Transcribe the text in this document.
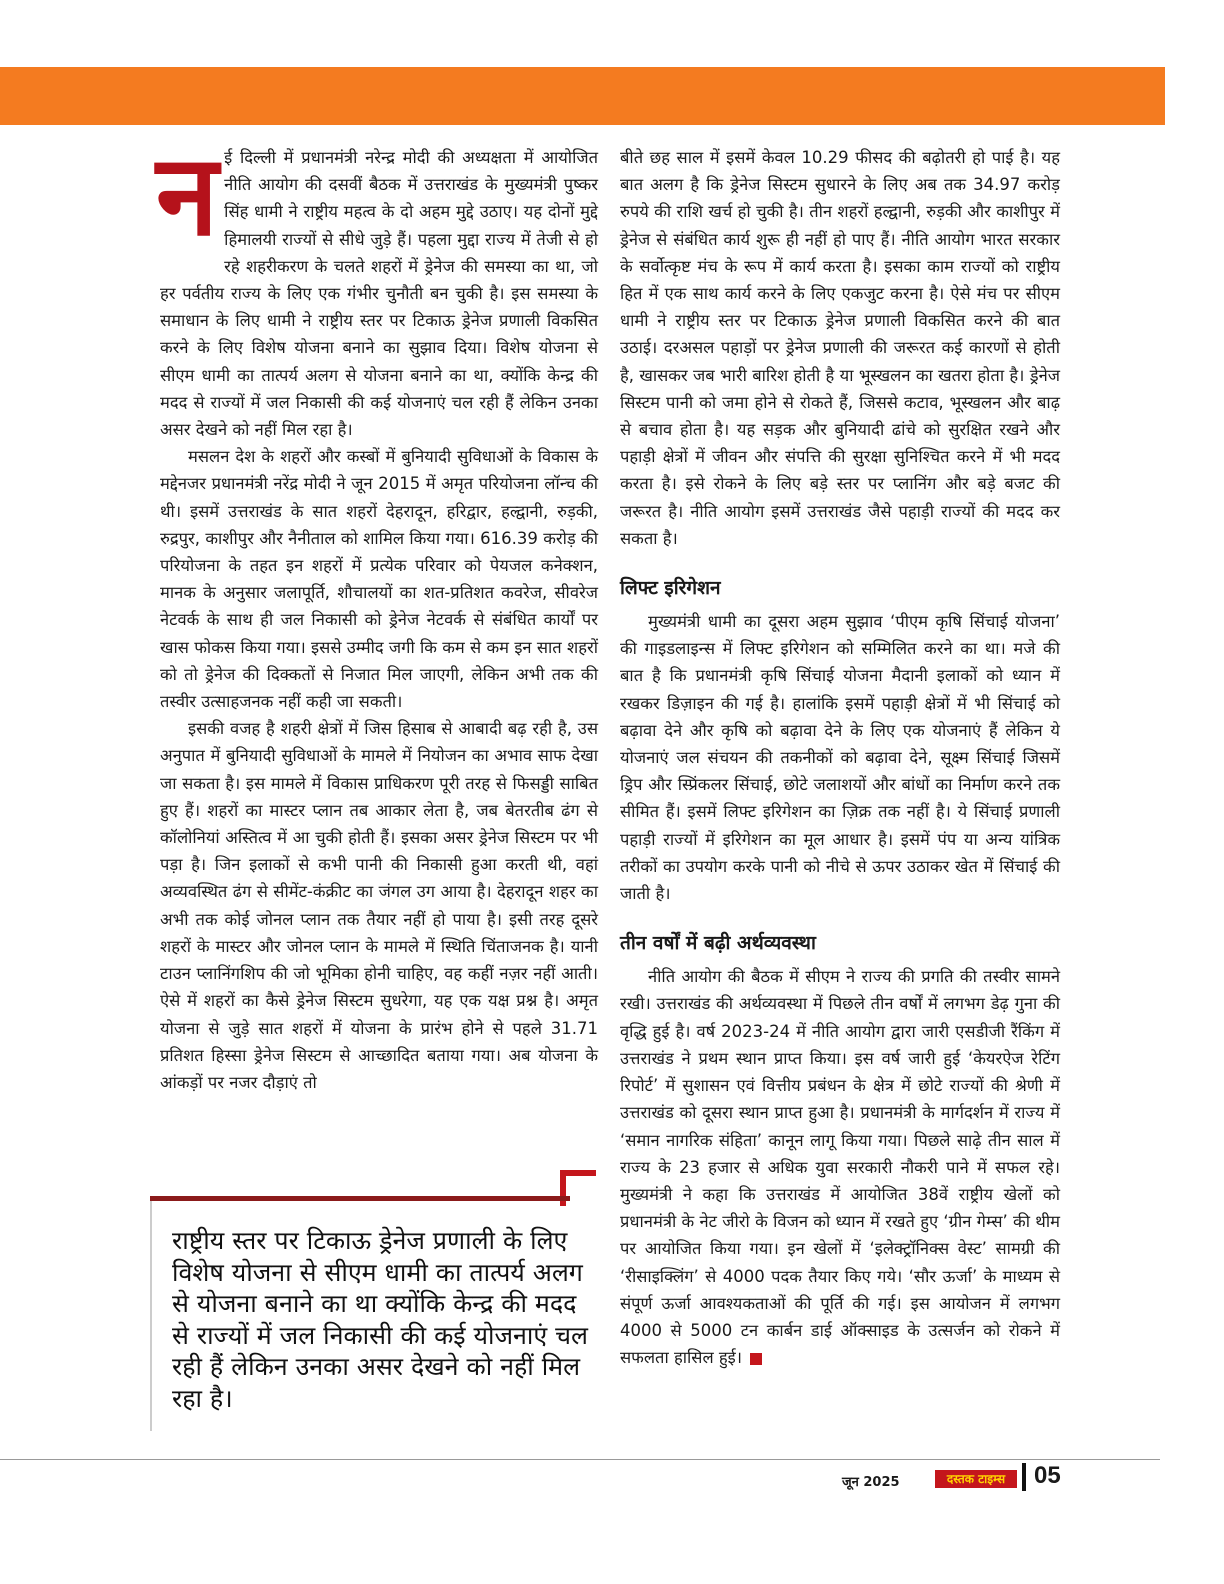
नई दिल्ली में प्रधानमंत्री नरेन्द्र मोदी की अध्यक्षता में आयोजित नीति आयोग की दसवीं बैठक में उत्तराखंड के मुख्यमंत्री पुष्कर सिंह धामी ने राष्ट्रीय महत्व के दो अहम मुद्दे उठाए। यह दोनों मुद्दे हिमालयी राज्यों से सीधे जुड़े हैं। पहला मुद्दा राज्य में तेजी से हो रहे शहरीकरण के चलते शहरों में ड्रेनेज की समस्या का था, जो हर पर्वतीय राज्य के लिए एक गंभीर चुनौती बन चुकी है। इस समस्या के समाधान के लिए धामी ने राष्ट्रीय स्तर पर टिकाऊ ड्रेनेज प्रणाली विकसित करने के लिए विशेष योजना बनाने का सुझाव दिया। विशेष योजना से सीएम धामी का तात्पर्य अलग से योजना बनाने का था, क्योंकि केन्द्र की मदद से राज्यों में जल निकासी की कई योजनाएं चल रही हैं लेकिन उनका असर देखने को नहीं मिल रहा है।

मसलन देश के शहरों और कस्बों में बुनियादी सुविधाओं के विकास के मद्देनजर प्रधानमंत्री नरेंद्र मोदी ने जून 2015 में अमृत परियोजना लॉन्च की थी। इसमें उत्तराखंड के सात शहरों देहरादून, हरिद्वार, हल्द्वानी, रुड़की, रुद्रपुर, काशीपुर और नैनीताल को शामिल किया गया। 616.39 करोड़ की परियोजना के तहत इन शहरों में प्रत्येक परिवार को पेयजल कनेक्शन, मानक के अनुसार जलापूर्ति, शौचालयों का शत-प्रतिशत कवरेज, सीवरेज नेटवर्क के साथ ही जल निकासी को ड्रेनेज नेटवर्क से संबंधित कार्यों पर खास फोकस किया गया। इससे उम्मीद जगी कि कम से कम इन सात शहरों को तो ड्रेनेज की दिक्कतों से निजात मिल जाएगी, लेकिन अभी तक की तस्वीर उत्साहजनक नहीं कही जा सकती।

इसकी वजह है शहरी क्षेत्रों में जिस हिसाब से आबादी बढ़ रही है, उस अनुपात में बुनियादी सुविधाओं के मामले में नियोजन का अभाव साफ देखा जा सकता है। इस मामले में विकास प्राधिकरण पूरी तरह से फिसड्डी साबित हुए हैं। शहरों का मास्टर प्लान तब आकार लेता है, जब बेतरतीब ढंग से कॉलोनियां अस्तित्व में आ चुकी होती हैं। इसका असर ड्रेनेज सिस्टम पर भी पड़ा है। जिन इलाकों से कभी पानी की निकासी हुआ करती थी, वहां अव्यवस्थित ढंग से सीमेंट-कंक्रीट का जंगल उग आया है। देहरादून शहर का अभी तक कोई जोनल प्लान तक तैयार नहीं हो पाया है। इसी तरह दूसरे शहरों के मास्टर और जोनल प्लान के मामले में स्थिति चिंताजनक है। यानी टाउन प्लानिंगशिप की जो भूमिका होनी चाहिए, वह कहीं नज़र नहीं आती। ऐसे में शहरों का कैसे ड्रेनेज सिस्टम सुधरेगा, यह एक यक्ष प्रश्न है। अमृत योजना से जुड़े सात शहरों में योजना के प्रारंभ होने से पहले 31.71 प्रतिशत हिस्सा ड्रेनेज सिस्टम से आच्छादित बताया गया। अब योजना के आंकड़ों पर नजर दौड़ाएं तो

राष्ट्रीय स्तर पर टिकाऊ ड्रेनेज प्रणाली के लिए विशेष योजना से सीएम धामी का तात्पर्य अलग से योजना बनाने का था क्योंकि केन्द्र की मदद से राज्यों में जल निकासी की कई योजनाएं चल रही हैं लेकिन उनका असर देखने को नहीं मिल रहा है।

बीते छह साल में इसमें केवल 10.29 फीसद की बढ़ोतरी हो पाई है। यह बात अलग है कि ड्रेनेज सिस्टम सुधारने के लिए अब तक 34.97 करोड़ रुपये की राशि खर्च हो चुकी है। तीन शहरों हल्द्वानी, रुड़की और काशीपुर में ड्रेनेज से संबंधित कार्य शुरू ही नहीं हो पाए हैं। नीति आयोग भारत सरकार के सर्वोत्कृष्ट मंच के रूप में कार्य करता है। इसका काम राज्यों को राष्ट्रीय हित में एक साथ कार्य करने के लिए एकजुट करना है। ऐसे मंच पर सीएम धामी ने राष्ट्रीय स्तर पर टिकाऊ ड्रेनेज प्रणाली विकसित करने की बात उठाई। दरअसल पहाड़ों पर ड्रेनेज प्रणाली की जरूरत कई कारणों से होती है, खासकर जब भारी बारिश होती है या भूस्खलन का खतरा होता है। ड्रेनेज सिस्टम पानी को जमा होने से रोकते हैं, जिससे कटाव, भूस्खलन और बाढ़ से बचाव होता है। यह सड़क और बुनियादी ढांचे को सुरक्षित रखने और पहाड़ी क्षेत्रों में जीवन और संपत्ति की सुरक्षा सुनिश्चित करने में भी मदद करता है। इसे रोकने के लिए बड़े स्तर पर प्लानिंग और बड़े बजट की जरूरत है। नीति आयोग इसमें उत्तराखंड जैसे पहाड़ी राज्यों की मदद कर सकता है।

लिफ्ट इरिगेशन

मुख्यमंत्री धामी का दूसरा अहम सुझाव ‘पीएम कृषि सिंचाई योजना’ की गाइडलाइन्स में लिफ्ट इरिगेशन को सम्मिलित करने का था। मजे की बात है कि प्रधानमंत्री कृषि सिंचाई योजना मैदानी इलाकों को ध्यान में रखकर डिज़ाइन की गई है। हालांकि इसमें पहाड़ी क्षेत्रों में भी सिंचाई को बढ़ावा देने और कृषि को बढ़ावा देने के लिए एक योजनाएं हैं लेकिन ये योजनाएं जल संचयन की तकनीकों को बढ़ावा देने, सूक्ष्म सिंचाई जिसमें ड्रिप और स्प्रिंकलर सिंचाई, छोटे जलाशयों और बांधों का निर्माण करने तक सीमित हैं। इसमें लिफ्ट इरिगेशन का ज़िक्र तक नहीं है। ये सिंचाई प्रणाली पहाड़ी राज्यों में इरिगेशन का मूल आधार है। इसमें पंप या अन्य यांत्रिक तरीकों का उपयोग करके पानी को नीचे से ऊपर उठाकर खेत में सिंचाई की जाती है।

तीन वर्षों में बढ़ी अर्थव्यवस्था

नीति आयोग की बैठक में सीएम ने राज्य की प्रगति की तस्वीर सामने रखी। उत्तराखंड की अर्थव्यवस्था में पिछले तीन वर्षों में लगभग डेढ़ गुना की वृद्धि हुई है। वर्ष 2023-24 में नीति आयोग द्वारा जारी एसडीजी रैंकिंग में उत्तराखंड ने प्रथम स्थान प्राप्त किया। इस वर्ष जारी हुई ‘केयरऐज रेटिंग रिपोर्ट’ में सुशासन एवं वित्तीय प्रबंधन के क्षेत्र में छोटे राज्यों की श्रेणी में उत्तराखंड को दूसरा स्थान प्राप्त हुआ है। प्रधानमंत्री के मार्गदर्शन में राज्य में ‘समान नागरिक संहिता’ कानून लागू किया गया। पिछले साढ़े तीन साल में राज्य के 23 हजार से अधिक युवा सरकारी नौकरी पाने में सफल रहे। मुख्यमंत्री ने कहा कि उत्तराखंड में आयोजित 38वें राष्ट्रीय खेलों को प्रधानमंत्री के नेट जीरो के विजन को ध्यान में रखते हुए ‘ग्रीन गेम्स’ की थीम पर आयोजित किया गया। इन खेलों में ‘इलेक्ट्रॉनिक्स वेस्ट’ सामग्री की ‘रीसाइक्लिंग’ से 4000 पदक तैयार किए गये। ‘सौर ऊर्जा’ के माध्यम से संपूर्ण ऊर्जा आवश्यकताओं की पूर्ति की गई। इस आयोजन में लगभग 4000 से 5000 टन कार्बन डाई ऑक्साइड के उत्सर्जन को रोकने में सफलता हासिल हुई।

जून 2025	दस्तक टाइम्स	05
